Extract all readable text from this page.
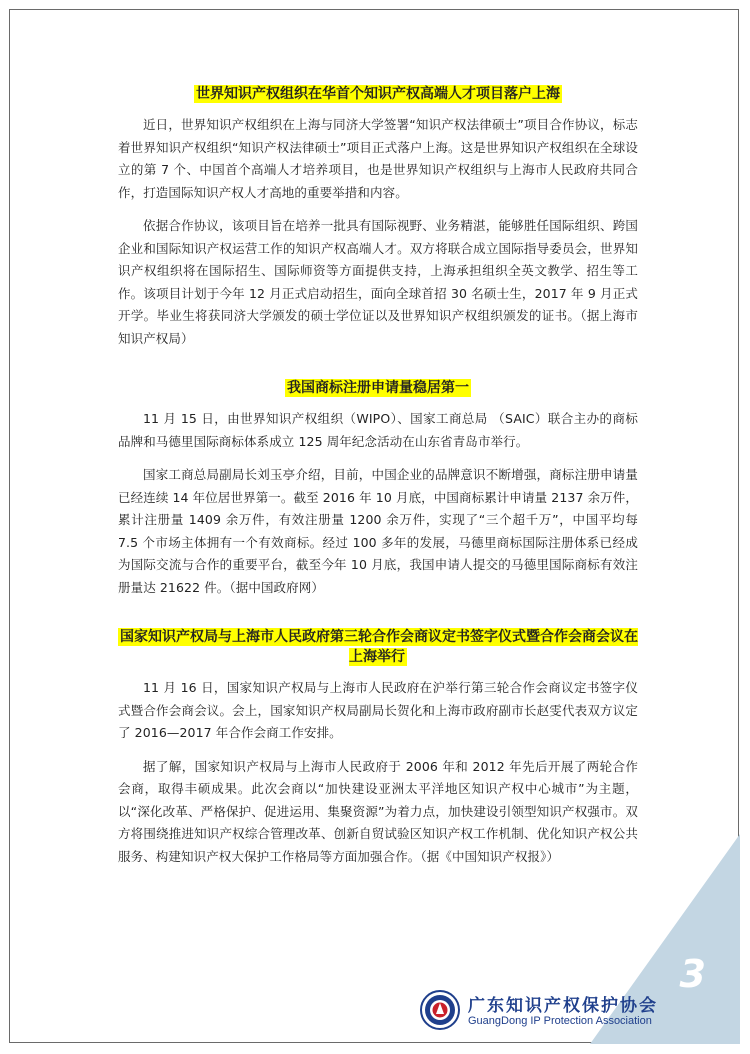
世界知识产权组织在华首个知识产权高端人才项目落户上海

近日，世界知识产权组织在上海与同济大学签署“知识产权法律硕士”项目合作协议，标志着世界知识产权组织“知识产权法律硕士”项目正式落户上海。这是世界知识产权组织在全球设立的第 7 个、中国首个高端人才培养项目，也是世界知识产权组织与上海市人民政府共同合作，打造国际知识产权人才高地的重要举措和内容。

依据合作协议，该项目旨在培养一批具有国际视野、业务精湛，能够胜任国际组织、跨国企业和国际知识产权运营工作的知识产权高端人才。双方将联合成立国际指导委员会，世界知识产权组织将在国际招生、国际师资等方面提供支持，上海承担组织全英文教学、招生等工作。该项目计划于今年 12 月正式启动招生，面向全球首招 30 名硕士生，2017 年 9 月正式开学。毕业生将获同济大学颁发的硕士学位证以及世界知识产权组织颁发的证书。（据上海市知识产权局）

我国商标注册申请量稳居第一

11 月 15 日，由世界知识产权组织（WIPO）、国家工商总局 （SAIC）联合主办的商标品牌和马德里国际商标体系成立 125 周年纪念活动在山东省青岛市举行。

国家工商总局副局长刘玉亭介绍，目前，中国企业的品牌意识不断增强，商标注册申请量已经连续 14 年位居世界第一。截至 2016 年 10 月底，中国商标累计申请量 2137 余万件，累计注册量 1409 余万件，有效注册量 1200 余万件，实现了“三个超千万”，中国平均每 7.5 个市场主体拥有一个有效商标。经过 100 多年的发展，马德里商标国际注册体系已经成为国际交流与合作的重要平台，截至今年 10 月底，我国申请人提交的马德里国际商标有效注册量达 21622 件。（据中国政府网）

国家知识产权局与上海市人民政府第三轮合作会商议定书签字仪式暨合作会商会议在上海举行

11 月 16 日，国家知识产权局与上海市人民政府在沪举行第三轮合作会商议定书签字仪式暨合作会商会议。会上，国家知识产权局副局长贺化和上海市政府副市长赵雯代表双方议定了 2016—2017 年合作会商工作安排。

据了解，国家知识产权局与上海市人民政府于 2006 年和 2012 年先后开展了两轮合作会商，取得丰硕成果。此次会商以“加快建设亚洲太平洋地区知识产权中心城市”为主题，以“深化改革、严格保护、促进运用、集聚资源”为着力点，加快建设引领型知识产权强市。双方将围绕推进知识产权综合管理改革、创新自贸试验区知识产权工作机制、优化知识产权公共服务、构建知识产权大保护工作格局等方面加强合作。（据《中国知识产权报》）

3
广东知识产权保护协会
GuangDong IP Protection Association
